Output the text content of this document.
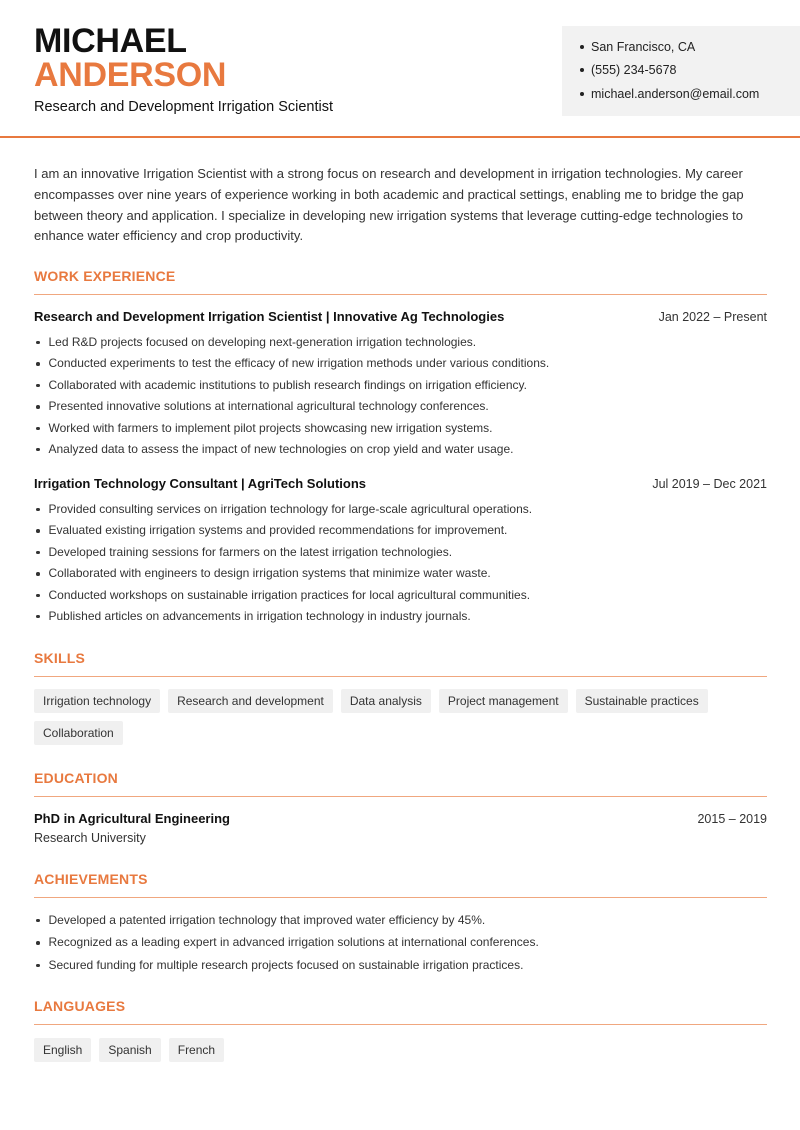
MICHAEL
ANDERSON
Research and Development Irrigation Scientist
San Francisco, CA
(555) 234-5678
michael.anderson@email.com

I am an innovative Irrigation Scientist with a strong focus on research and development in irrigation technologies. My career encompasses over nine years of experience working in both academic and practical settings, enabling me to bridge the gap between theory and application. I specialize in developing new irrigation systems that leverage cutting-edge technologies to enhance water efficiency and crop productivity.

WORK EXPERIENCE
Research and Development Irrigation Scientist | Innovative Ag Technologies	Jan 2022 – Present
Led R&D projects focused on developing next-generation irrigation technologies.
Conducted experiments to test the efficacy of new irrigation methods under various conditions.
Collaborated with academic institutions to publish research findings on irrigation efficiency.
Presented innovative solutions at international agricultural technology conferences.
Worked with farmers to implement pilot projects showcasing new irrigation systems.
Analyzed data to assess the impact of new technologies on crop yield and water usage.
Irrigation Technology Consultant | AgriTech Solutions	Jul 2019 – Dec 2021
Provided consulting services on irrigation technology for large-scale agricultural operations.
Evaluated existing irrigation systems and provided recommendations for improvement.
Developed training sessions for farmers on the latest irrigation technologies.
Collaborated with engineers to design irrigation systems that minimize water waste.
Conducted workshops on sustainable irrigation practices for local agricultural communities.
Published articles on advancements in irrigation technology in industry journals.
SKILLS
Irrigation technology	Research and development	Data analysis	Project management	Sustainable practices
Collaboration
EDUCATION
PhD in Agricultural Engineering	2015 – 2019
Research University
ACHIEVEMENTS
Developed a patented irrigation technology that improved water efficiency by 45%.
Recognized as a leading expert in advanced irrigation solutions at international conferences.
Secured funding for multiple research projects focused on sustainable irrigation practices.
LANGUAGES
English	Spanish	French
